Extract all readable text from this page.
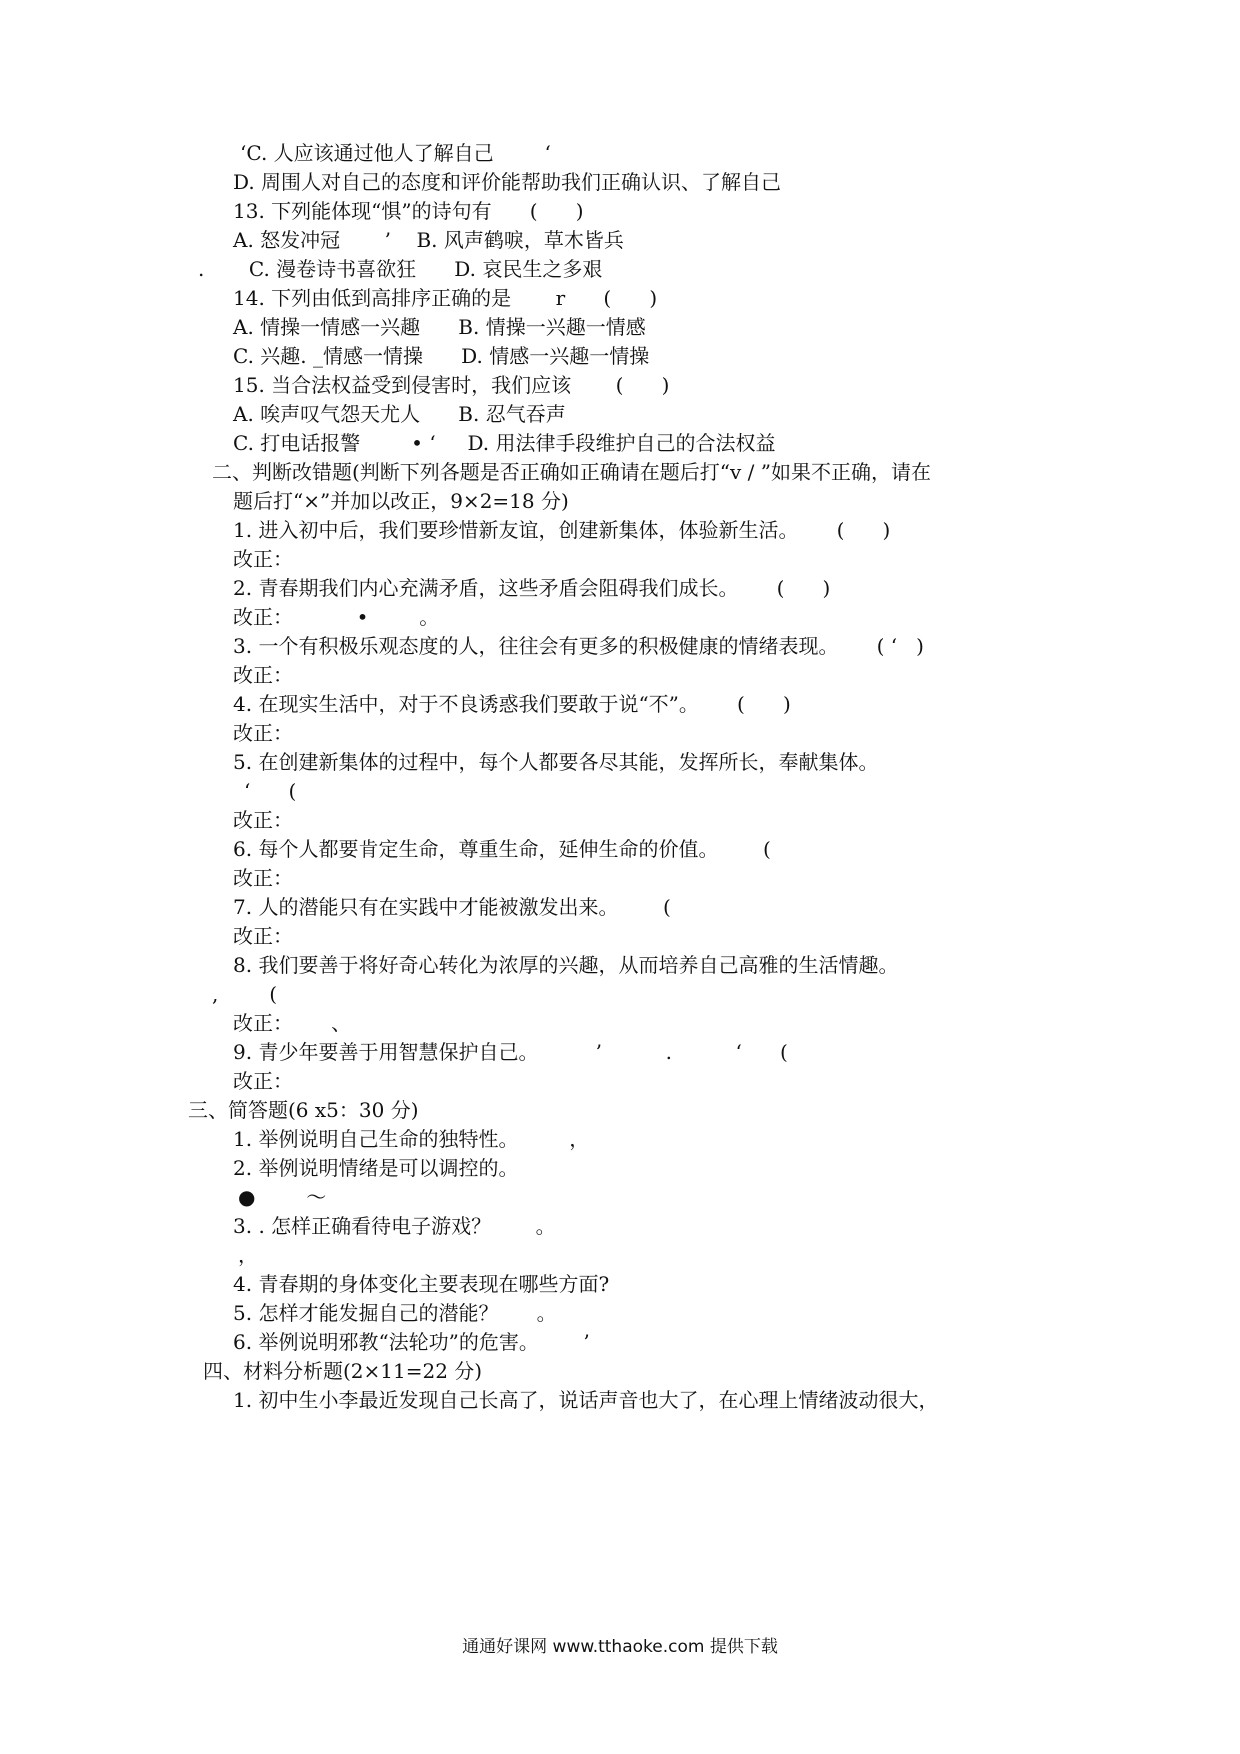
‘C. 人应该通过他人了解自己        ‘
D. 周围人对自己的态度和评价能帮助我们正确认识、了解自己
13. 下列能体现“惧”的诗句有      (      )
A. 怒发冲冠       ’    B. 风声鹤唳，草木皆兵
.       C. 漫卷诗书喜欲狂      D. 哀民生之多艰
14. 下列由低到高排序正确的是       r      (      )
A. 情操一情感一兴趣      B. 情操一兴趣一情感
C. 兴趣. _情感一情操      D. 情感一兴趣一情操
15. 当合法权益受到侵害时，我们应该       (      )
A. 唉声叹气怨天尤人      B. 忍气吞声
C. 打电话报警        • ‘     D. 用法律手段维护自己的合法权益
二、判断改错题(判断下列各题是否正确如正确请在题后打“v / ”如果不正确，请在
题后打“×”并加以改正，9×2=18 分)
1. 进入初中后，我们要珍惜新友谊，创建新集体，体验新生活。      (      )
改正：
2. 青春期我们内心充满矛盾，这些矛盾会阻碍我们成长。      (      )
改正：          •        。
3. 一个有积极乐观态度的人，往往会有更多的积极健康的情绪表现。      ( ‘   )
改正：
4. 在现实生活中，对于不良诱惑我们要敢于说“不”。      (      )
改正：
5. 在创建新集体的过程中，每个人都要各尽其能，发挥所长，奉献集体。
‘      (
改正：
6. 每个人都要肯定生命，尊重生命，延伸生命的价值。       (
改正：
7. 人的潜能只有在实践中才能被激发出来。       (
改正：
8. 我们要善于将好奇心转化为浓厚的兴趣，从而培养自己高雅的生活情趣。
,        (
改正：      、
9. 青少年要善于用智慧保护自己。         ’          .          ‘      (
改正：
三、简答题(6 x5：30 分)
1. 举例说明自己生命的独特性。        ，
2. 举例说明情绪是可以调控的。
●        ～
3. . 怎样正确看待电子游戏？       。
，
4. 青春期的身体变化主要表现在哪些方面?
5. 怎样才能发掘自己的潜能？      。
6. 举例说明邪教“法轮功”的危害。       ’
四、材料分析题(2×11=22 分)
1. 初中生小李最近发现自己长高了，说话声音也大了，在心理上情绪波动很大，
通通好课网 www.tthaoke.com 提供下载
